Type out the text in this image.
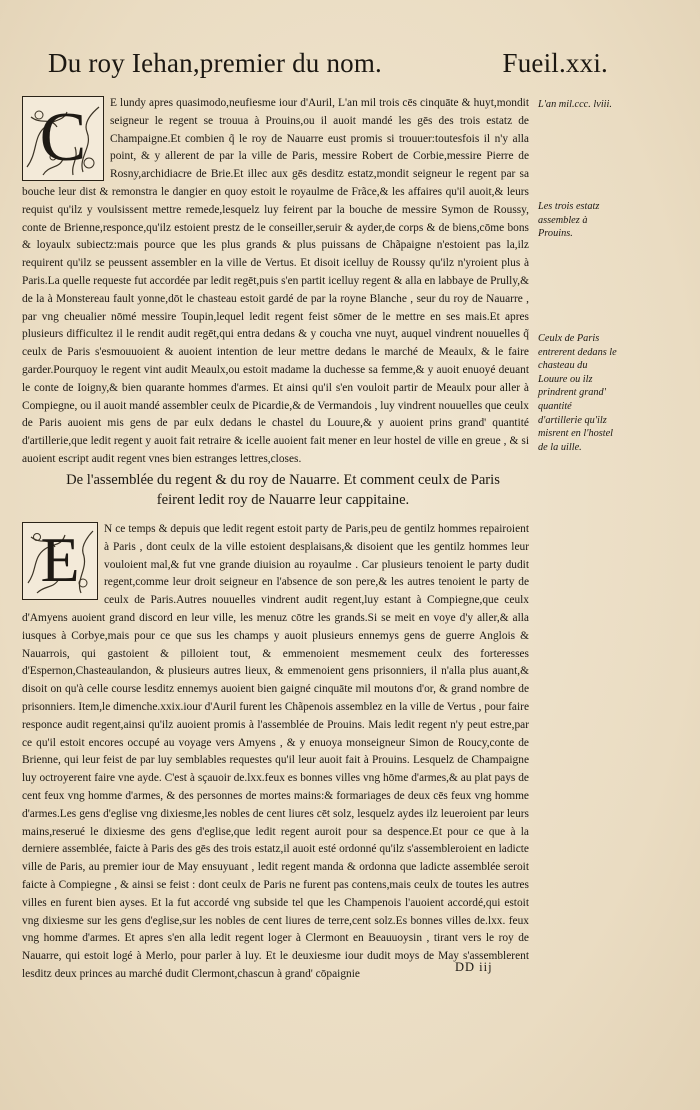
Du roy Iehan,premier du nom.	Fueil.xxi.
C	E lundy apres quasimodo,neufiesme iour d'Auril, L'an mil trois cēs cinquāte & huyt,mondit seigneur le regent se trouua à Prouins,ou il auoit mandé les gēs des trois estatz de Champaigne.Et combien q̃ le roy de Nauarre eust promis si trouuer:toutesfois il n'y alla point, & y allerent de par la ville de Paris, messire Robert de Corbie,messire Pierre de Rosny,archidiacre de Brie.Et illec aux gēs desditz estatz,mondit seigneur le regent par sa bouche leur dist & remonstra le dangier en quoy estoit le royaulme de Frãce,& les affaires qu'il auoit,& leurs requist qu'ilz y voulsissent mettre remede,lesquelz luy feirent par la bouche de messire Symon de Roussy, conte de Brienne,responce,qu'ilz estoient prestz de le conseiller,seruir & ayder,de corps & de biens,cōme bons & loyaulx subiectz:mais pource que les plus grands & plus puissans de Chãpaigne n'estoient pas la,ilz requirent qu'ilz se peussent assembler en la ville de Vertus. Et disoit icelluy de Roussy qu'ilz n'yroient plus à Paris.La quelle requeste fut accordée par ledit regēt,puis s'en partit icelluy regent & alla en labbaye de Prully,& de la à Monstereau fault yonne,dōt le chasteau estoit gardé de par la royne Blanche , seur du roy de Nauarre , par vng cheualier nōmé messire Toupin,lequel ledit regent feist sōmer de le mettre en ses mais.Et apres plusieurs difficultez il le rendit audit regēt,qui entra dedans & y coucha vne nuyt, auquel vindrent nouuelles q̃ ceulx de Paris s'esmouuoient & auoient intention de leur mettre dedans le marché de Meaulx, & le faire garder.Pourquoy le regent vint audit Meaulx,ou estoit madame la duchesse sa femme,& y auoit enuoyé deuant le conte de Ioigny,& bien quarante hommes d'armes. Et ainsi qu'il s'en vouloit partir de Meaulx pour aller à Compiegne, ou il auoit mandé assembler ceulx de Picardie,& de Vermandois , luy vindrent nouuelles que ceulx de Paris auoient mis gens de par eulx dedans le chastel du Louure,& y auoient prins grand' quantité d'artillerie,que ledit regent y auoit fait retraire & icelle auoient fait mener en leur hostel de ville en greue , & si auoient escript audit regent vnes bien estranges lettres,closes.

De l'assemblée du regent & du roy de Nauarre. Et comment ceulx de Paris feirent ledit roy de Nauarre leur cappitaine.
E	N ce temps & depuis que ledit regent estoit party de Paris,peu de gentilz hommes repairoient à Paris , dont ceulx de la ville estoient desplaisans,& disoient que les gentilz hommes leur vouloient mal,& fut vne grande diuision au royaulme . Car plusieurs tenoient le party dudit regent,comme leur droit seigneur en l'absence de son pere,& les autres tenoient le party de ceulx de Paris.Autres nouuelles vindrent audit regent,luy estant à Compiegne,que ceulx d'Amyens auoient grand discord en leur ville, les menuz cōtre les grands.Si se meit en voye d'y aller,& alla iusques à Corbye,mais pour ce que sus les champs y auoit plusieurs ennemys gens de guerre Anglois & Nauarrois, qui gastoient & pilloient tout, & emmenoient mesmement ceulx des forteresses d'Espernon,Chasteaulandon, & plusieurs autres lieux, & emmenoient gens prisonniers, il n'alla plus auant,& disoit on qu'à celle course lesditz ennemys auoient bien gaigné cinquāte mil moutons d'or, & grand nombre de prisonniers. Item,le dimenche.xxix.iour d'Auril furent les Chãpenois assemblez en la ville de Vertus , pour faire responce audit regent,ainsi qu'ilz auoient promis à l'assemblée de Prouins. Mais ledit regent n'y peut estre,par ce qu'il estoit encores occupé au voyage vers Amyens , & y enuoya monseigneur Simon de Roucy,conte de Brienne, qui leur feist de par luy semblables requestes qu'il leur auoit fait à Prouins. Lesquelz de Champaigne luy octroyerent faire vne ayde. C'est à sçauoir de.lxx.feux es bonnes villes vng hōme d'armes,& au plat pays de cent feux vng homme d'armes, & des personnes de mortes mains:& formariages de deux cēs feux vng homme d'armes.Les gens d'eglise vng dixiesme,les nobles de cent liures cēt solz, lesquelz aydes ilz leueroient par leurs mains,reserué le dixiesme des gens d'eglise,que ledit regent auroit pour sa despence.Et pour ce que à la derniere assemblée, faicte à Paris des gēs des trois estatz,il auoit esté ordonné qu'ilz s'assembleroient en ladicte ville de Paris, au premier iour de May ensuyuant , ledit regent manda & ordonna que ladicte assemblée seroit faicte à Compiegne , & ainsi se feist : dont ceulx de Paris ne furent pas contens,mais ceulx de toutes les autres villes en furent bien ayses. Et la fut accordé vng subside tel que les Champenois l'auoient accordé,qui estoit vng dixiesme sur les gens d'eglise,sur les nobles de cent liures de terre,cent solz.Es bonnes villes de.lxx. feux vng homme d'armes. Et apres s'en alla ledit regent loger à Clermont en Beauuoysin , tirant vers le roy de Nauarre, qui estoit logé à Merlo, pour parler à luy. Et le deuxiesme iour dudit moys de May s'assemblerent lesditz deux princes au marché dudit Clermont,chascun à grand' cōpaignie

L'an mil.ccc. lviii.
Les trois estatz assemblez à Prouins.
Ceulx de Paris entrerent dedans le chasteau du Louure ou ilz prindrent grand' quantité d'artillerie qu'ilz misrent en l'hostel de la uille.
DD iij
